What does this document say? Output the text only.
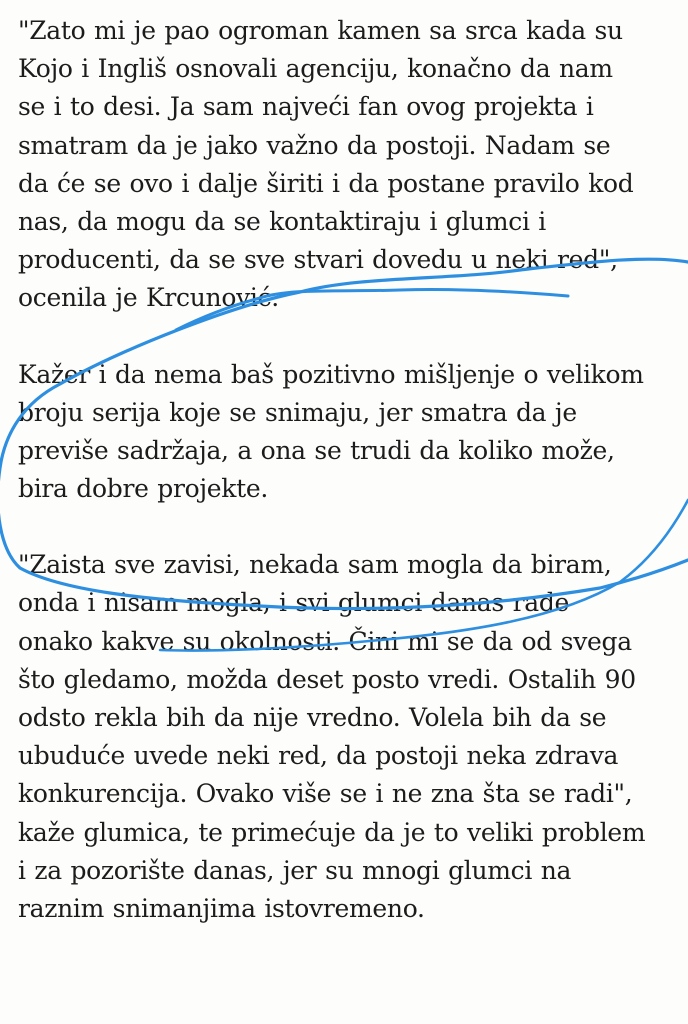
"Zato mi je pao ogroman kamen sa srca kada su
Kojo i Ingliš osnovali agenciju, konačno da nam
se i to desi. Ja sam najveći fan ovog projekta i
smatram da je jako važno da postoji. Nadam se
da će se ovo i dalje širiti i da postane pravilo kod
nas, da mogu da se kontaktiraju i glumci i
producenti, da se sve stvari dovedu u neki red",
ocenila je Krcunović.

Kažer i da nema baš pozitivno mišljenje o velikom
broju serija koje se snimaju, jer smatra da je
previše sadržaja, a ona se trudi da koliko može,
bira dobre projekte.

"Zaista sve zavisi, nekada sam mogla da biram,
onda i nisam mogla, i svi glumci danas rade
onako kakve su okolnosti. Čini mi se da od svega
što gledamo, možda deset posto vredi. Ostalih 90
odsto rekla bih da nije vredno. Volela bih da se
ubuduće uvede neki red, da postoji neka zdrava
konkurencija. Ovako više se i ne zna šta se radi",
kaže glumica, te primećuje da je to veliki problem
i za pozorište danas, jer su mnogi glumci na
raznim snimanjima istovremeno.
